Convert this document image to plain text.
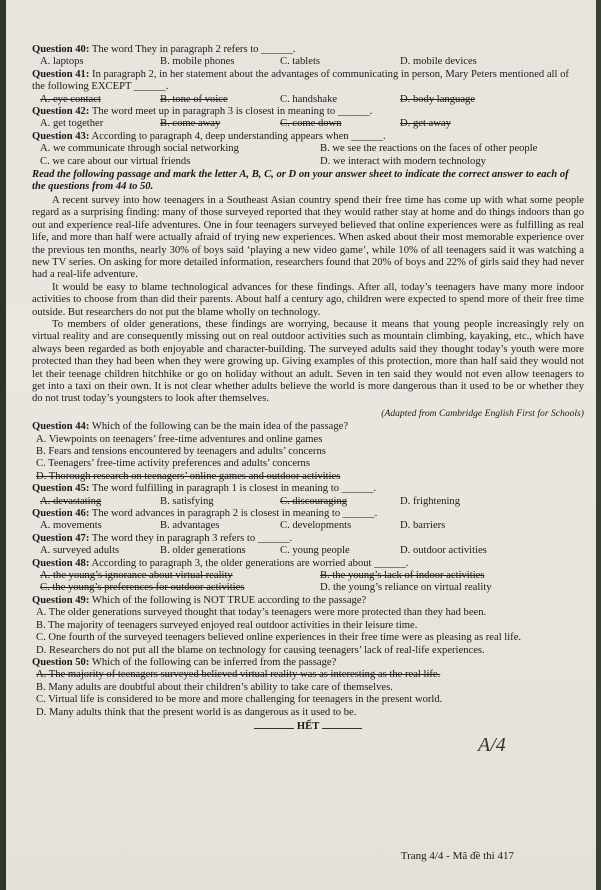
Question 40: The word They in paragraph 2 refers to ______.
A. laptops	B. mobile phones	C. tablets	D. mobile devices
Question 41: In paragraph 2, in her statement about the advantages of communicating in person, Mary Peters mentioned all of the following EXCEPT ______.
A. eye contact	B. tone of voice	C. handshake	D. body language
Question 42: The word meet up in paragraph 3 is closest in meaning to ______.
A. get together	B. come away	C. come down	D. get away
Question 43: According to paragraph 4, deep understanding appears when ______.
A. we communicate through social networking	B. we see the reactions on the faces of other people
C. we care about our virtual friends	D. we interact with modern technology
Read the following passage and mark the letter A, B, C, or D on your answer sheet to indicate the correct answer to each of the questions from 44 to 50.

A recent survey into how teenagers in a Southeast Asian country spend their free time has come up with what some people regard as a surprising finding: many of those surveyed reported that they would rather stay at home and do things indoors than go out and experience real-life adventures. One in four teenagers surveyed believed that online experiences were as fulfilling as real life, and more than half were actually afraid of trying new experiences. When asked about their most memorable experience over the previous ten months, nearly 30% of boys said ‘playing a new video game’, while 10% of all teenagers said it was watching a new TV series. On asking for more detailed information, researchers found that 20% of boys and 22% of girls said they had never had a real-life adventure.

It would be easy to blame technological advances for these findings. After all, today’s teenagers have many more indoor activities to choose from than did their parents. About half a century ago, children were expected to spend more of their free time outside. But researchers do not put the blame wholly on technology.

To members of older generations, these findings are worrying, because it means that young people increasingly rely on virtual reality and are consequently missing out on real outdoor activities such as mountain climbing, kayaking, etc., which have always been regarded as both enjoyable and character-building. The surveyed adults said they thought today’s youth were more protected than they had been when they were growing up. Giving examples of this protection, more than half said they would not let their teenage children hitchhike or go on holiday without an adult. Seven in ten said they would not even allow teenagers to get into a taxi on their own. It is not clear whether adults believe the world is more dangerous than it used to be or whether they do not trust today’s youngsters to look after themselves.

(Adapted from Cambridge English First for Schools)
Question 44: Which of the following can be the main idea of the passage?
A. Viewpoints on teenagers’ free-time adventures and online games
B. Fears and tensions encountered by teenagers and adults’ concerns
C. Teenagers’ free-time activity preferences and adults’ concerns
D. Thorough research on teenagers’ online games and outdoor activities
Question 45: The word fulfilling in paragraph 1 is closest in meaning to ______.
A. devastating	B. satisfying	C. discouraging	D. frightening
Question 46: The word advances in paragraph 2 is closest in meaning to ______.
A. movements	B. advantages	C. developments	D. barriers
Question 47: The word they in paragraph 3 refers to ______.
A. surveyed adults	B. older generations	C. young people	D. outdoor activities
Question 48: According to paragraph 3, the older generations are worried about ______.
A. the young’s ignorance about virtual reality	B. the young’s lack of indoor activities
C. the young’s preferences for outdoor activities	D. the young’s reliance on virtual reality
Question 49: Which of the following is NOT TRUE according to the passage?
A. The older generations surveyed thought that today’s teenagers were more protected than they had been.
B. The majority of teenagers surveyed enjoyed real outdoor activities in their leisure time.
C. One fourth of the surveyed teenagers believed online experiences in their free time were as pleasing as real life.
D. Researchers do not put all the blame on technology for causing teenagers’ lack of real-life experiences.
Question 50: Which of the following can be inferred from the passage?
A. The majority of teenagers surveyed believed virtual reality was as interesting as the real life.
B. Many adults are doubtful about their children’s ability to take care of themselves.
C. Virtual life is considered to be more and more challenging for teenagers in the present world.
D. Many adults think that the present world is as dangerous as it used to be.
HẾT
Trang 4/4 - Mã đề thi 417
A/4
